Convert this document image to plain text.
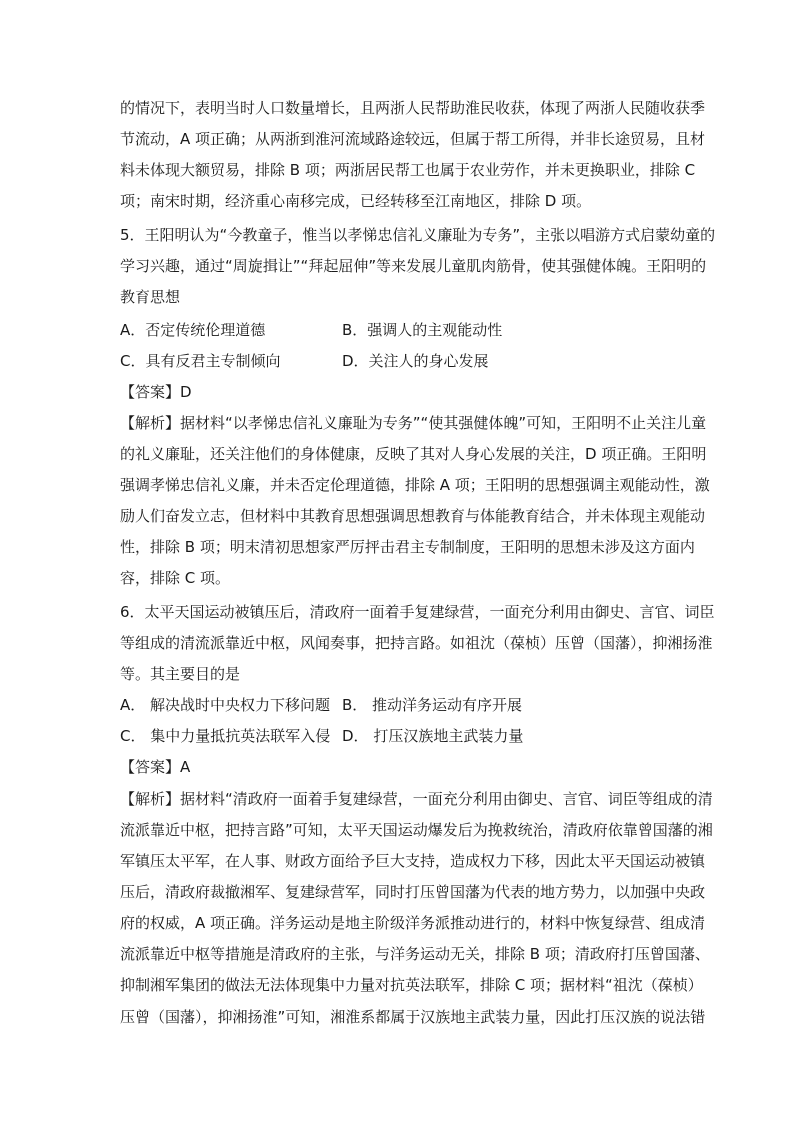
的情况下，表明当时人口数量增长，且两浙人民帮助淮民收获，体现了两浙人民随收获季
节流动，A 项正确；从两浙到淮河流域路途较远，但属于帮工所得，并非长途贸易，且材
料未体现大额贸易，排除 B 项；两浙居民帮工也属于农业劳作，并未更换职业，排除 C
项；南宋时期，经济重心南移完成，已经转移至江南地区，排除 D 项。
5．王阳明认为“今教童子，惟当以孝悌忠信礼义廉耻为专务”，主张以唱游方式启蒙幼童的
学习兴趣，通过“周旋揖让”“拜起屈伸”等来发展儿童肌肉筋骨，使其强健体魄。王阳明的
教育思想
A．否定传统伦理道德	B．强调人的主观能动性
C．具有反君主专制倾向	D．关注人的身心发展
【答案】D
【解析】据材料“以孝悌忠信礼义廉耻为专务”“使其强健体魄”可知，王阳明不止关注儿童
的礼义廉耻，还关注他们的身体健康，反映了其对人身心发展的关注，D 项正确。王阳明
强调孝悌忠信礼义廉，并未否定伦理道德，排除 A 项；王阳明的思想强调主观能动性，激
励人们奋发立志，但材料中其教育思想强调思想教育与体能教育结合，并未体现主观能动
性，排除 B 项；明末清初思想家严厉抨击君主专制制度，王阳明的思想未涉及这方面内
容，排除 C 项。
6．太平天国运动被镇压后，清政府一面着手复建绿营，一面充分利用由御史、言官、词臣
等组成的清流派靠近中枢，风闻奏事，把持言路。如祖沈（葆桢）压曾（国藩），抑湘扬淮
等。其主要目的是
A． 解决战时中央权力下移问题 B． 推动洋务运动有序开展
C． 集中力量抵抗英法联军入侵 D． 打压汉族地主武装力量
【答案】A
【解析】据材料“清政府一面着手复建绿营，一面充分利用由御史、言官、词臣等组成的清
流派靠近中枢，把持言路”可知，太平天国运动爆发后为挽救统治，清政府依靠曾国藩的湘
军镇压太平军，在人事、财政方面给予巨大支持，造成权力下移，因此太平天国运动被镇
压后，清政府裁撤湘军、复建绿营军，同时打压曾国藩为代表的地方势力，以加强中央政
府的权威，A 项正确。洋务运动是地主阶级洋务派推动进行的，材料中恢复绿营、组成清
流派靠近中枢等措施是清政府的主张，与洋务运动无关，排除 B 项；清政府打压曾国藩、
抑制湘军集团的做法无法体现集中力量对抗英法联军，排除 C 项；据材料“祖沈（葆桢）
压曾（国藩），抑湘扬淮”可知，湘淮系都属于汉族地主武装力量，因此打压汉族的说法错
